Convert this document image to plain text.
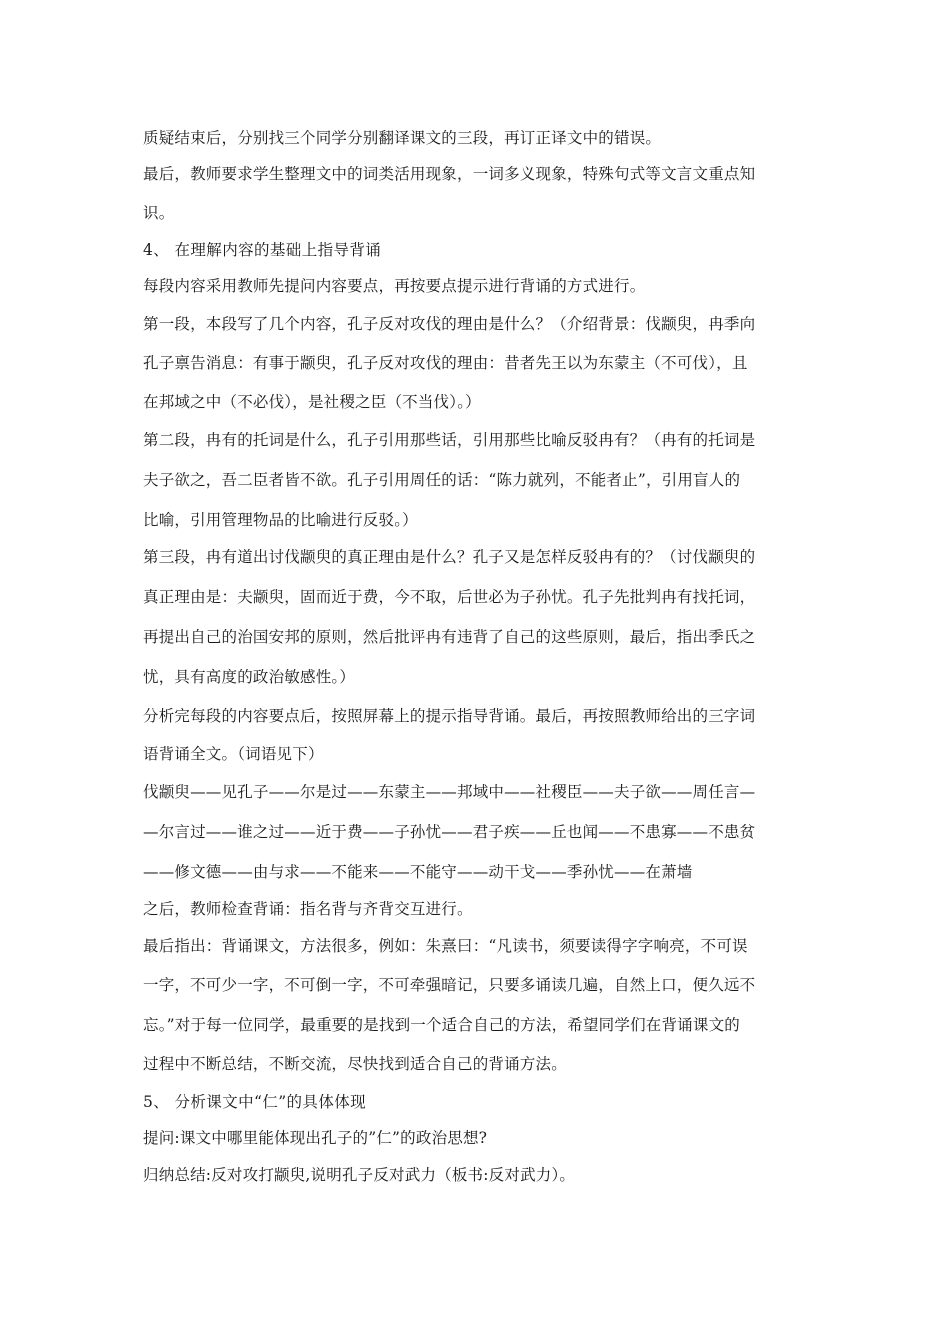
质疑结束后，分别找三个同学分别翻译课文的三段，再订正译文中的错误。
最后，教师要求学生整理文中的词类活用现象，一词多义现象，特殊句式等文言文重点知
识。
4、 在理解内容的基础上指导背诵
每段内容采用教师先提问内容要点，再按要点提示进行背诵的方式进行。
第一段，本段写了几个内容，孔子反对攻伐的理由是什么？（介绍背景：伐颛臾，冉季向
孔子禀告消息：有事于颛臾，孔子反对攻伐的理由：昔者先王以为东蒙主（不可伐），且
在邦域之中（不必伐），是社稷之臣（不当伐）。）
第二段，冉有的托词是什么，孔子引用那些话，引用那些比喻反驳冉有？（冉有的托词是
夫子欲之，吾二臣者皆不欲。孔子引用周任的话：“陈力就列，不能者止”，引用盲人的
比喻，引用管理物品的比喻进行反驳。）
第三段，冉有道出讨伐颛臾的真正理由是什么？孔子又是怎样反驳冉有的？（讨伐颛臾的
真正理由是：夫颛臾，固而近于费，今不取，后世必为子孙忧。孔子先批判冉有找托词，
再提出自己的治国安邦的原则，然后批评冉有违背了自己的这些原则，最后，指出季氏之
忧，具有高度的政治敏感性。）
分析完每段的内容要点后，按照屏幕上的提示指导背诵。最后，再按照教师给出的三字词
语背诵全文。（词语见下）
伐颛臾——见孔子——尔是过——东蒙主——邦域中——社稷臣——夫子欲——周任言—
—尔言过——谁之过——近于费——子孙忧——君子疾——丘也闻——不患寡——不患贫
——修文德——由与求——不能来——不能守——动干戈——季孙忧——在萧墙
之后，教师检查背诵：指名背与齐背交互进行。
最后指出：背诵课文，方法很多，例如：朱熹曰：“凡读书，须要读得字字响亮，不可误
一字，不可少一字，不可倒一字，不可牵强暗记，只要多诵读几遍，自然上口，便久远不
忘。”对于每一位同学，最重要的是找到一个适合自己的方法，希望同学们在背诵课文的
过程中不断总结，不断交流，尽快找到适合自己的背诵方法。
5、 分析课文中“仁”的具体体现
提问:课文中哪里能体现出孔子的”仁”的政治思想?
归纳总结:反对攻打颛臾,说明孔子反对武力（板书:反对武力）。
